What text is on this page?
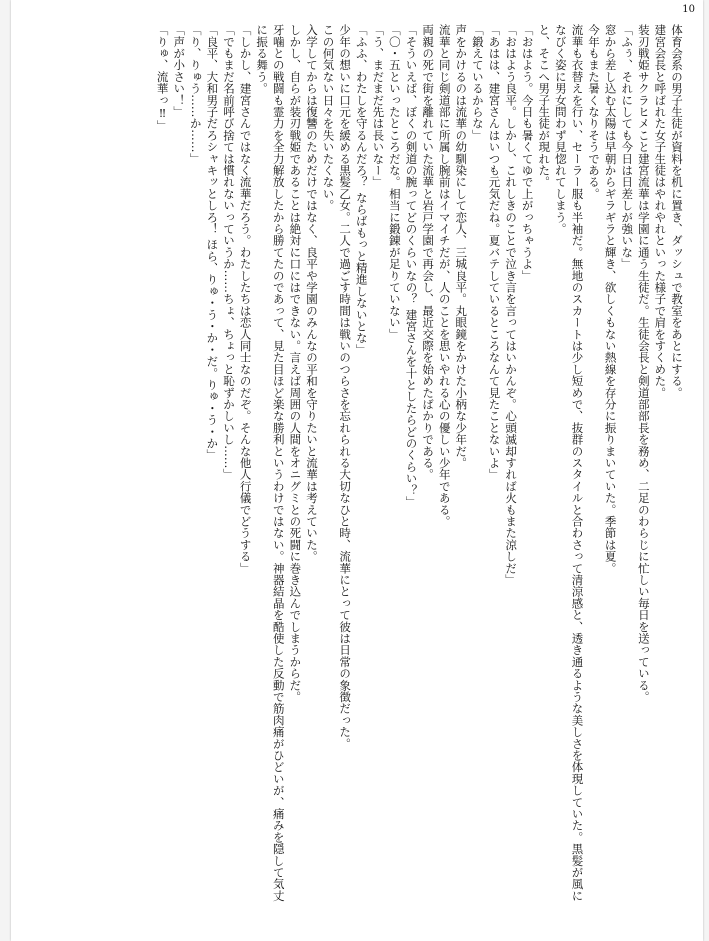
10
体育会系の男子生徒が資料を机に置き、ダッシュで教室をあとにする。
建宮会長と呼ばれた女子生徒はやれやれといった様子で肩をすくめた。
装刃戦姫サクラヒメこと建宮流華は学園に通う生徒だ。生徒会長と剣道部部長を務め、二足のわらじに忙しい毎日を送っている。
「ふぅ、それにしても今日は日差しが強いな」
窓から差し込む太陽は早朝からギラギラと輝き、欲しくもない熱線を存分に振りまいていた。季節は夏。
今年もまた暑くなりそうである。
流華も衣替えを行い、セーラー服も半袖だ。無地のスカートは少し短めで、抜群のスタイルと合わさって清涼感と、透き通るような美しさを体現していた。黒髪が風に
なびく姿に男女問わず見惚れてしまう。
と、そこへ男子生徒が現れた。
「おはよう。今日も暑くてゆで上がっちゃうよ」
「おはよう良平。しかし、これしきのことで泣き言を言ってはいかんぞ。心頭滅却すれば火もまた涼しだ」
「あはは、建宮さんはいつも元気だね。夏バテしているところなんて見たことないよ」
「鍛えているからな」
声をかけるのは流華の幼馴染にして恋人、三城良平。丸眼鏡をかけた小柄な少年だ。
流華と同じ剣道部に所属し腕前はイマイチだが、人のことを思いやれる心の優しい少年である。
両親の死で街を離れていた流華と岩戸学園で再会し、最近交際を始めたばかりである。
「そういえば、ぼくの剣道の腕ってどのくらいなの？ 建宮さんを十としたらどのくらい？」
「〇・五といったところだな。相当に鍛錬が足りていない」
「う、まだまだ先は長いなー」
「ふふ、わたしを守るんだろ？ ならばもっと精進しないとな」
少年の想いに口元を緩める黒髪乙女。二人で過ごす時間は戦いのつらさを忘れられる大切なひと時、流華にとって彼は日常の象徴だった。
この何気ない日々を失いたくない。
入学してからは復讐のためだけではなく、良平や学園のみんなの平和を守りたいと流華は考えていた。
しかし、自らが装刃戦姫であることは絶対に口にはできない。言えば周囲の人間をオニグミとの死闘に巻き込んでしまうからだ。
牙噛との戦闘も霊力を全力解放したから勝てたのであって、見た目ほど楽な勝利というわけではない。神器結晶を酷使した反動で筋肉痛がひどいが、痛みを隠して気丈
に振る舞う。
「しかし、建宮さんではなく流華だろう。わたしたちは恋人同士なのだぞ。そんな他人行儀でどうする」
「でもまだ名前呼び捨ては慣れないっていうか……ちょ、ちょっと恥ずかしいし……」
「良平、大和男子だろシャキッとしろ！ ほら、りゅ・う・か・だ。りゅ・う・か」
「り、りゅう……か……」
「声が小さい！」
「りゅ、流華っ‼」
